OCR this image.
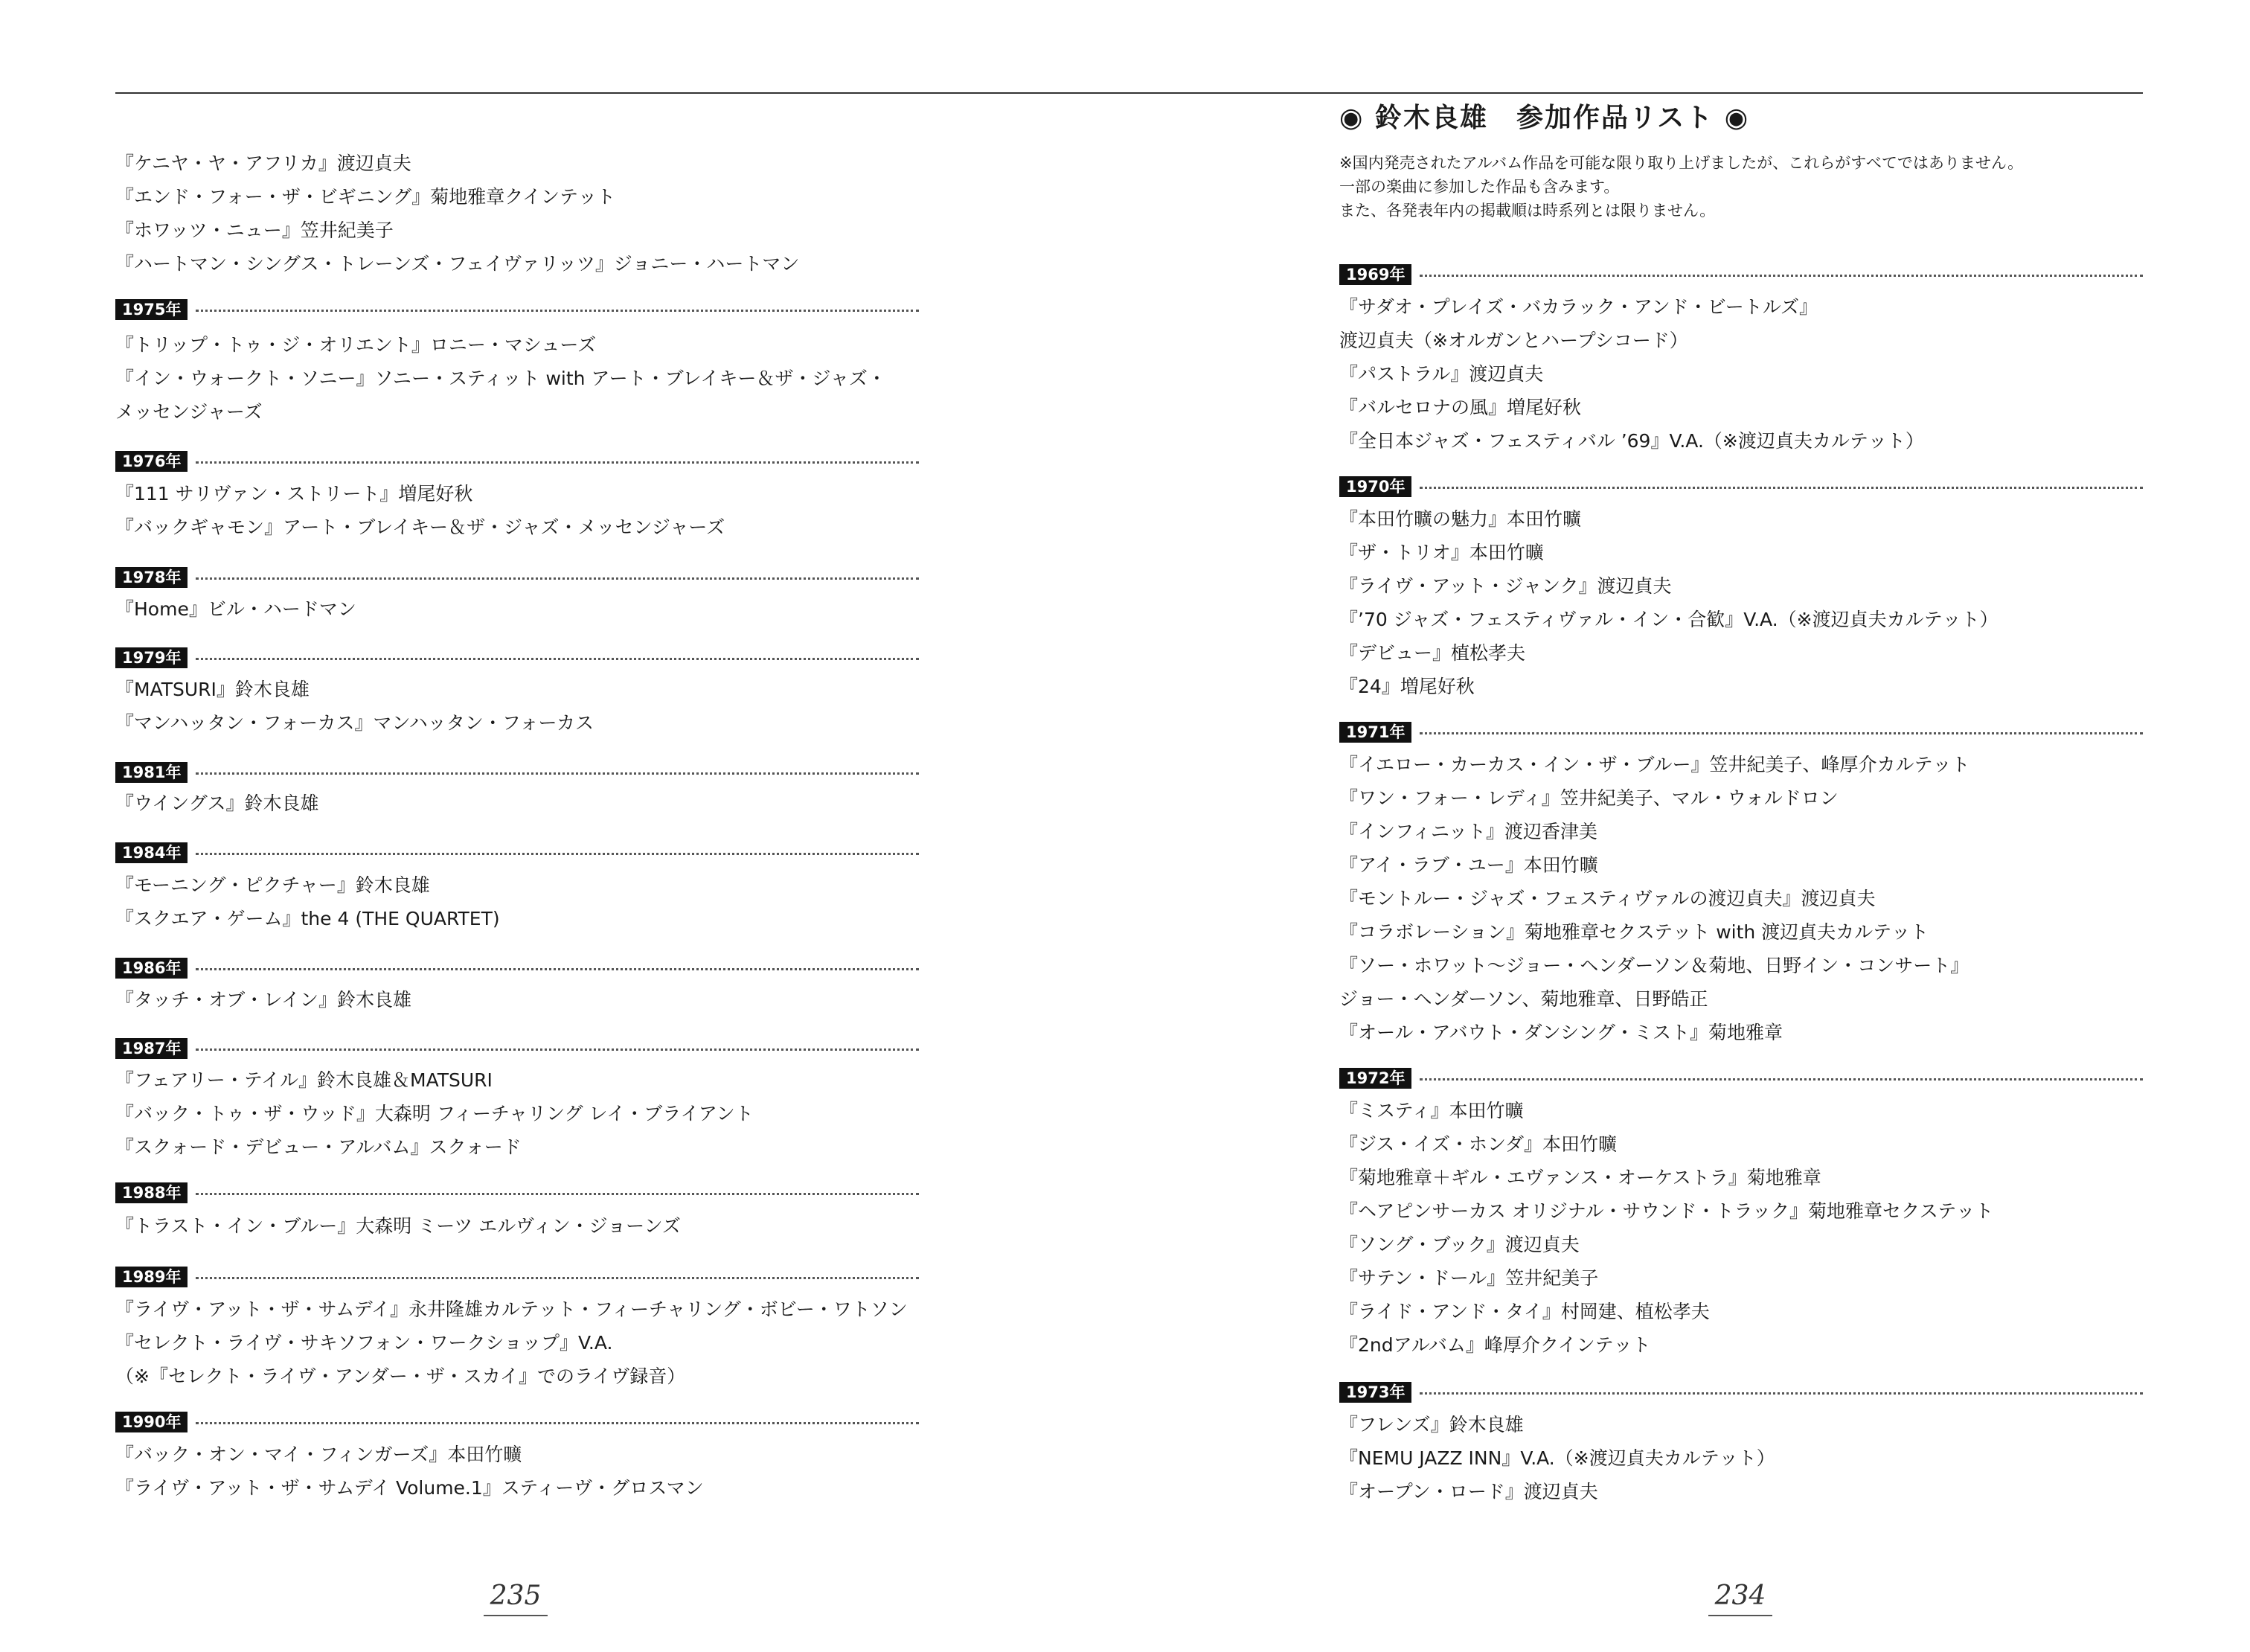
『ケニヤ・ヤ・アフリカ』渡辺貞夫
『エンド・フォー・ザ・ビギニング』菊地雅章クインテット
『ホワッツ・ニュー』笠井紀美子
『ハートマン・シングス・トレーンズ・フェイヴァリッツ』ジョニー・ハートマン
1975年
『トリップ・トゥ・ジ・オリエント』ロニー・マシューズ
『イン・ウォークト・ソニー』ソニー・スティット with アート・ブレイキー＆ザ・ジャズ・
メッセンジャーズ
1976年
『111 サリヴァン・ストリート』増尾好秋
『バックギャモン』アート・ブレイキー＆ザ・ジャズ・メッセンジャーズ
1978年
『Home』ビル・ハードマン
1979年
『MATSURI』鈴木良雄
『マンハッタン・フォーカス』マンハッタン・フォーカス
1981年
『ウイングス』鈴木良雄
1984年
『モーニング・ピクチャー』鈴木良雄
『スクエア・ゲーム』the 4 (THE QUARTET)
1986年
『タッチ・オブ・レイン』鈴木良雄
1987年
『フェアリー・テイル』鈴木良雄＆MATSURI
『バック・トゥ・ザ・ウッド』大森明 フィーチャリング レイ・ブライアント
『スクォード・デビュー・アルバム』スクォード
1988年
『トラスト・イン・ブルー』大森明 ミーツ エルヴィン・ジョーンズ
1989年
『ライヴ・アット・ザ・サムデイ』永井隆雄カルテット・フィーチャリング・ボビー・ワトソン
『セレクト・ライヴ・サキソフォン・ワークショップ』V.A.
（※『セレクト・ライヴ・アンダー・ザ・スカイ』でのライヴ録音）
1990年
『バック・オン・マイ・フィンガーズ』本田竹曠
『ライヴ・アット・ザ・サムデイ Volume.1』スティーヴ・グロスマン
◉ 鈴木良雄　参加作品リスト ◉
※国内発売されたアルバム作品を可能な限り取り上げましたが、これらがすべてではありません。
一部の楽曲に参加した作品も含みます。
また、各発表年内の掲載順は時系列とは限りません。
1969年
『サダオ・プレイズ・バカラック・アンド・ビートルズ』
渡辺貞夫（※オルガンとハープシコード）
『パストラル』渡辺貞夫
『バルセロナの風』増尾好秋
『全日本ジャズ・フェスティバル ’69』V.A.（※渡辺貞夫カルテット）
1970年
『本田竹曠の魅力』本田竹曠
『ザ・トリオ』本田竹曠
『ライヴ・アット・ジャンク』渡辺貞夫
『’70 ジャズ・フェスティヴァル・イン・合歓』V.A.（※渡辺貞夫カルテット）
『デビュー』植松孝夫
『24』増尾好秋
1971年
『イエロー・カーカス・イン・ザ・ブルー』笠井紀美子、峰厚介カルテット
『ワン・フォー・レディ』笠井紀美子、マル・ウォルドロン
『インフィニット』渡辺香津美
『アイ・ラブ・ユー』本田竹曠
『モントルー・ジャズ・フェスティヴァルの渡辺貞夫』渡辺貞夫
『コラボレーション』菊地雅章セクステット with 渡辺貞夫カルテット
『ソー・ホワット〜ジョー・ヘンダーソン＆菊地、日野イン・コンサート』
ジョー・ヘンダーソン、菊地雅章、日野皓正
『オール・アバウト・ダンシング・ミスト』菊地雅章
1972年
『ミスティ』本田竹曠
『ジス・イズ・ホンダ』本田竹曠
『菊地雅章＋ギル・エヴァンス・オーケストラ』菊地雅章
『ヘアピンサーカス オリジナル・サウンド・トラック』菊地雅章セクステット
『ソング・ブック』渡辺貞夫
『サテン・ドール』笠井紀美子
『ライド・アンド・タイ』村岡建、植松孝夫
『2ndアルバム』峰厚介クインテット
1973年
『フレンズ』鈴木良雄
『NEMU JAZZ INN』V.A.（※渡辺貞夫カルテット）
『オープン・ロード』渡辺貞夫
235	234
